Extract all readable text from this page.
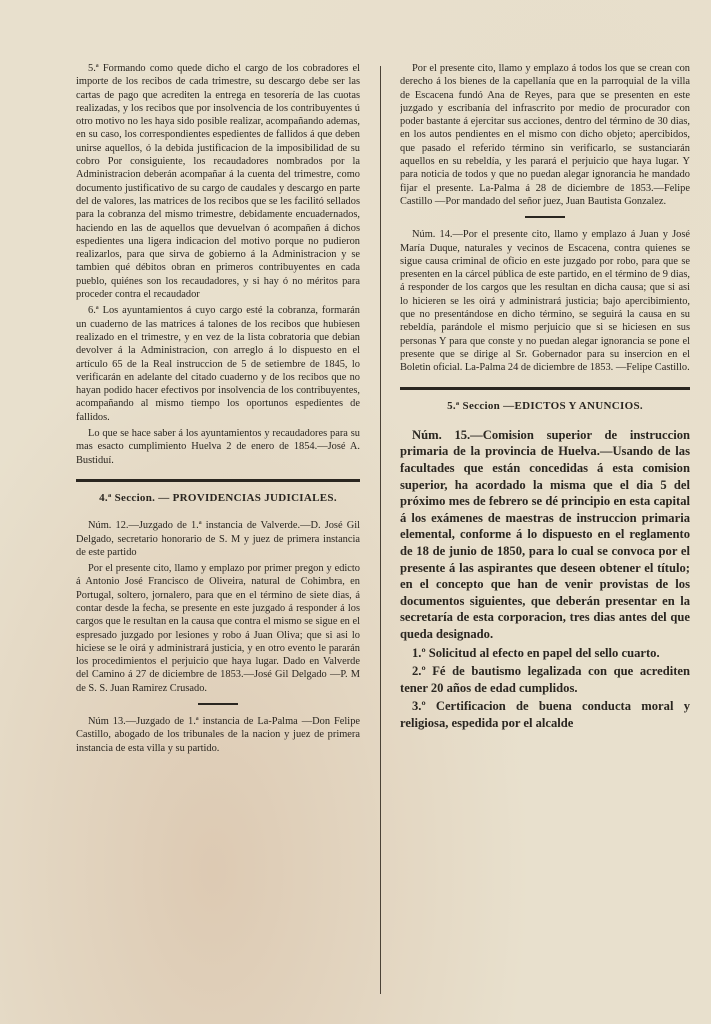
5.ª Formando como quede dicho el cargo de los cobradores el importe de los recibos de cada trimestre, su descargo debe ser las cartas de pago que acrediten la entrega en tesorería de las cuotas realizadas, y los recibos que por insolvencia de los contribuyentes ú otro motivo no les haya sido posible realizar, acompañando ademas, en su caso, los correspondientes espedientes de fallidos á que deben unirse aquellos, ó la debida justificacion de la imposibilidad de su cobro Por consiguiente, los recaudadores nombrados por la Administracion deberán acompañar á la cuenta del trimestre, como documento justificativo de su cargo de caudales y descargo en parte del de valores, las matrices de los recibos que se les facilitó sellados para la cobranza del mismo trimestre, debidamente encuadernados, haciendo en las de aquellos que devuelvan ó acompañen á dichos espedientes una ligera indicacion del motivo porque no pudieron realizarlos, para que sirva de gobierno á la Administracion y se tambien qué débitos obran en primeros contribuyentes en cada pueblo, quiénes son los recaudadores, y si hay ó no méritos para proceder contra el recaudador

6.ª Los ayuntamientos á cuyo cargo esté la cobranza, formarán un cuaderno de las matrices á talones de los recibos que hubiesen realizado en el trimestre, y en vez de la lista cobratoria que debian devolver á la Administracion, con arreglo á lo dispuesto en el artículo 65 de la Real instruccion de 5 de setiembre de 1845, lo verificarán en adelante del citado cuaderno y de los recibos que no hayan podido hacer efectivos por insolvencia de los contribuyentes, acompañando al mismo tiempo los oportunos espedientes de fallidos.

Lo que se hace saber á los ayuntamientos y recaudadores para su mas esacto cumplimiento Huelva 2 de enero de 1854.—José A. Bustiduí.

4.ª Seccion. — PROVIDENCIAS JUDICIALES.

Núm. 12.—Juzgado de 1.ª instancia de Valverde.—D. José Gil Delgado, secretario honorario de S. M y juez de primera instancia de este partido

Por el presente cito, llamo y emplazo por primer pregon y edicto á Antonio José Francisco de Oliveira, natural de Cohimbra, en Portugal, soltero, jornalero, para que en el término de siete dias, á contar desde la fecha, se presente en este juzgado á responder á los cargos que le resultan en la causa que contra el mismo se sigue en el espresado juzgado por lesiones y robo á Juan Oliva; que si asi lo hiciese se le oirá y administrará justicia, y en otro evento le pararán los procedimientos el perjuicio que haya lugar. Dado en Valverde del Camino á 27 de diciembre de 1853.—José Gil Delgado —P. M de S. S. Juan Ramirez Crusado.

Núm 13.—Juzgado de 1.ª instancia de La-Palma —Don Felipe Castillo, abogado de los tribunales de la nacion y juez de primera instancia de esta villa y su partido.

Por el presente cito, llamo y emplazo á todos los que se crean con derecho á los bienes de la capellanía que en la parroquial de la villa de Escacena fundó Ana de Reyes, para que se presenten en este juzgado y escribanía del infrascrito por medio de procurador con poder bastante á ejercitar sus acciones, dentro del término de 30 dias, en los autos pendientes en el mismo con dicho objeto; apercibidos, que pasado el referido término sin verificarlo, se sustanciarán aquellos en su rebeldía, y les parará el perjuicio que haya lugar. Y para noticia de todos y que no puedan alegar ignorancia he mandado fijar el presente. La-Palma á 28 de diciembre de 1853.—Felipe Castillo —Por mandado del señor juez, Juan Bautista Gonzalez.

Núm. 14.—Por el presente cito, llamo y emplazo á Juan y José María Duque, naturales y vecinos de Escacena, contra quienes se sigue causa criminal de oficio en este juzgado por robo, para que se presenten en la cárcel pública de este partido, en el término de 9 dias, á responder de los cargos que les resultan en dicha causa; que si asi lo hicieren se les oirá y administrará justicia; bajo apercibimiento, que no presentándose en dicho término, se seguirá la causa en su rebeldía, parándole el mismo perjuicio que si se hiciesen en sus personas Y para que conste y no puedan alegar ignorancia se pone el presente que se dirige al Sr. Gobernador para su insercion en el Boletin oficial. La-Palma 24 de diciembre de 1853. —Felipe Castillo.

5.ª Seccion —EDICTOS Y ANUNCIOS.

Núm. 15.—Comision superior de instruccion primaria de la provincia de Huelva.—Usando de las facultades que están concedidas á esta comision superior, ha acordado la misma que el dia 5 del próximo mes de febrero se dé principio en esta capital á los exámenes de maestras de instruccion primaria elemental, conforme á lo dispuesto en el reglamento de 18 de junio de 1850, para lo cual se convoca por el presente á las aspirantes que deseen obtener el título; en el concepto que han de venir provistas de los documentos siguientes, que deberán presentar en la secretaría de esta corporacion, tres dias antes del que queda designado.

1.º Solicitud al efecto en papel del sello cuarto.

2.º Fé de bautismo legalizada con que acrediten tener 20 años de edad cumplidos.

3.º Certificacion de buena conducta moral y religiosa, espedida por el alcalde
